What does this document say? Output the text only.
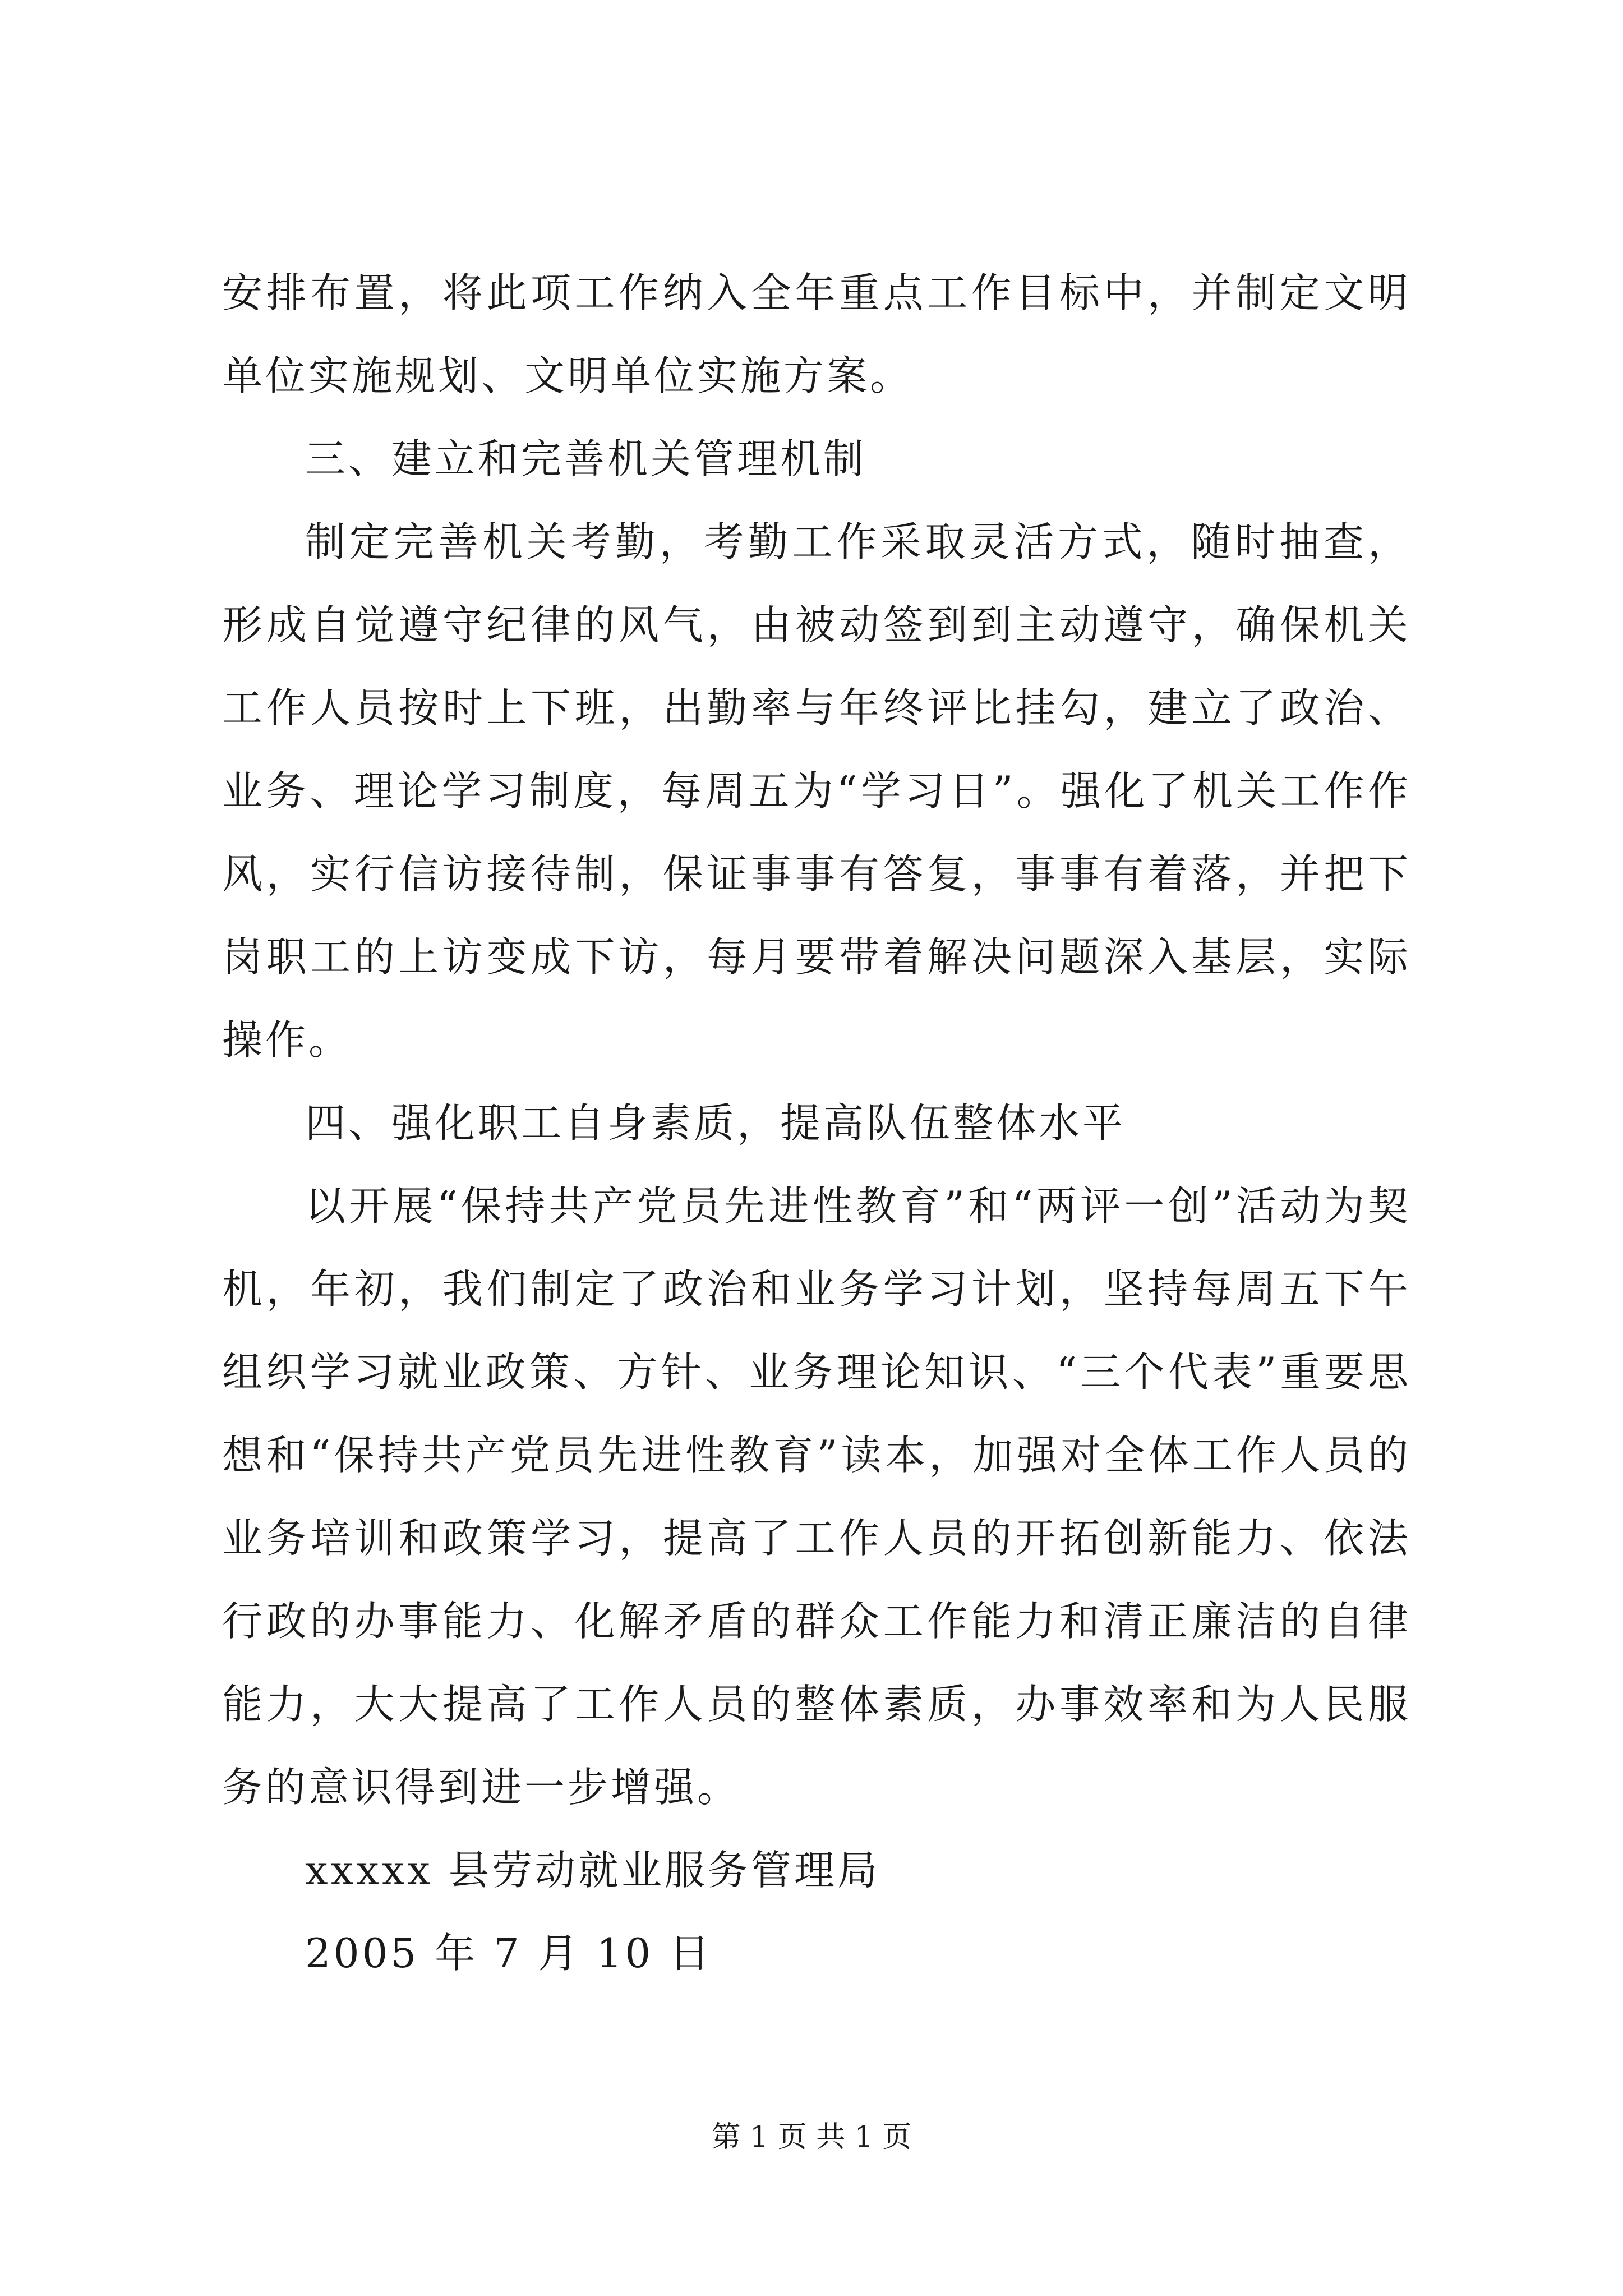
安排布置，将此项工作纳入全年重点工作目标中，并制定文明单位实施规划、文明单位实施方案。

三、建立和完善机关管理机制

制定完善机关考勤，考勤工作采取灵活方式，随时抽查，形成自觉遵守纪律的风气，由被动签到到主动遵守，确保机关工作人员按时上下班，出勤率与年终评比挂勾，建立了政治、业务、理论学习制度，每周五为“学习日”。强化了机关工作作风，实行信访接待制，保证事事有答复，事事有着落，并把下岗职工的上访变成下访，每月要带着解决问题深入基层，实际操作。

四、强化职工自身素质，提高队伍整体水平

以开展“保持共产党员先进性教育”和“两评一创”活动为契机，年初，我们制定了政治和业务学习计划，坚持每周五下午组织学习就业政策、方针、业务理论知识、“三个代表”重要思想和“保持共产党员先进性教育”读本，加强对全体工作人员的业务培训和政策学习，提高了工作人员的开拓创新能力、依法行政的办事能力、化解矛盾的群众工作能力和清正廉洁的自律能力，大大提高了工作人员的整体素质，办事效率和为人民服务的意识得到进一步增强。

xxxxx 县劳动就业服务管理局

2005 年 7 月 10 日

第 1 页 共 1 页
